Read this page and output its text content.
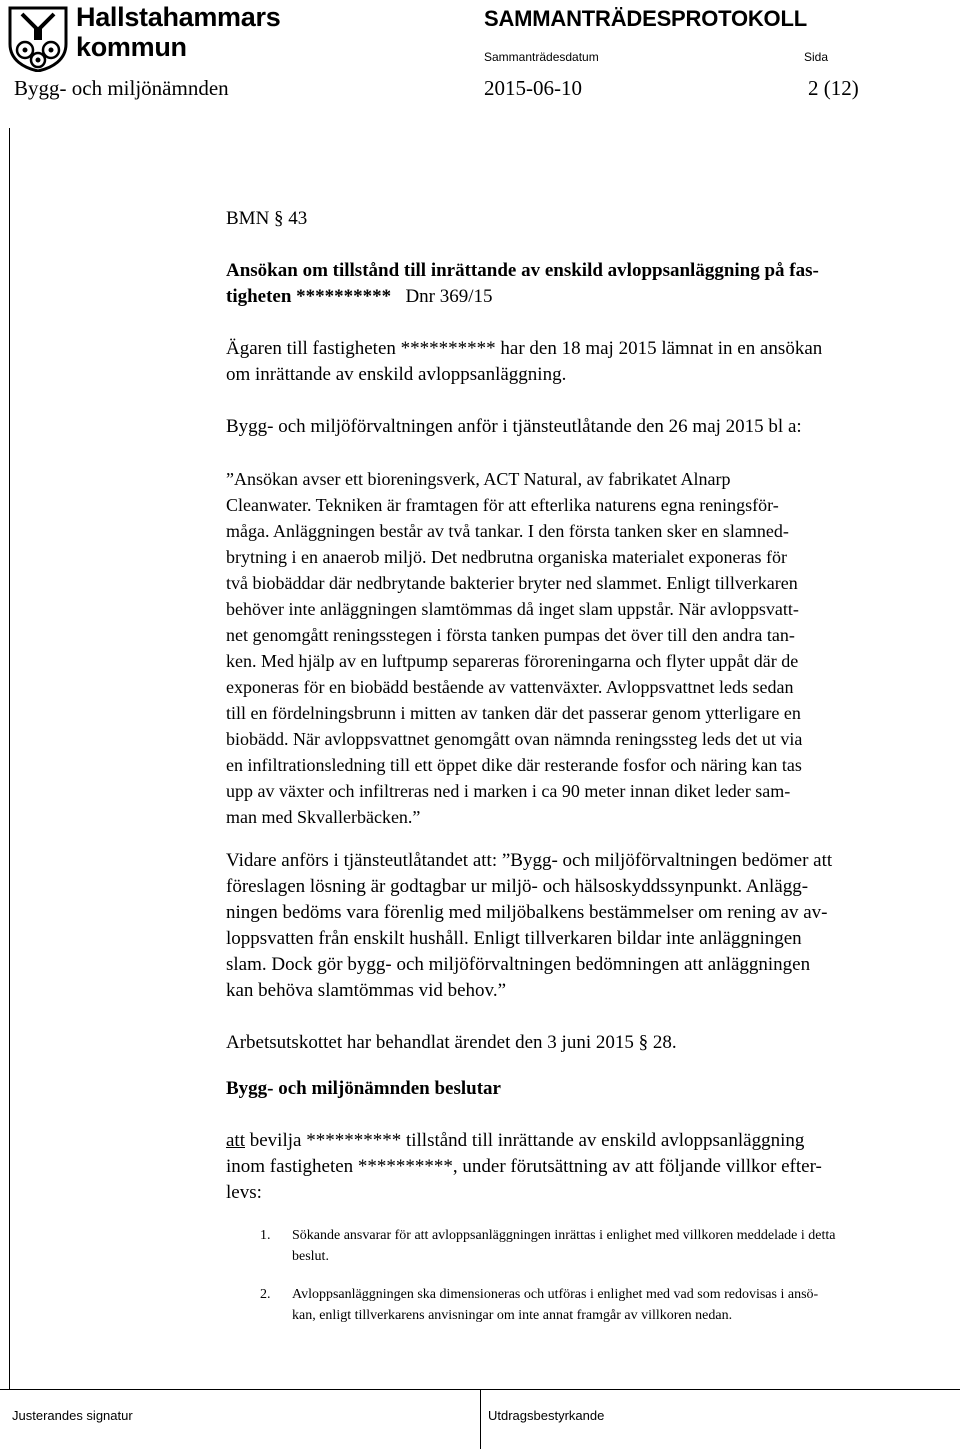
Hallstahammars
kommun
SAMMANTRÄDESPROTOKOLL
Sammanträdesdatum	Sida
Bygg- och miljönämnden	2015-06-10	2 (12)
BMN § 43
Ansökan om tillstånd till inrättande av enskild avloppsanläggning på fas-
tigheten **********   Dnr 369/15
Ägaren till fastigheten ********** har den 18 maj 2015 lämnat in en ansökan
om inrättande av enskild avloppsanläggning.
Bygg- och miljöförvaltningen anför i tjänsteutlåtande den 26 maj 2015 bl a:
”Ansökan avser ett bioreningsverk, ACT Natural, av fabrikatet Alnarp
Cleanwater. Tekniken är framtagen för att efterlika naturens egna reningsför-
måga. Anläggningen består av två tankar. I den första tanken sker en slamned-
brytning i en anaerob miljö. Det nedbrutna organiska materialet exponeras för
två biobäddar där nedbrytande bakterier bryter ned slammet. Enligt tillverkaren
behöver inte anläggningen slamtömmas då inget slam uppstår. När avloppsvatt-
net genomgått reningsstegen i första tanken pumpas det över till den andra tan-
ken. Med hjälp av en luftpump separeras föroreningarna och flyter uppåt där de
exponeras för en biobädd bestående av vattenväxter. Avloppsvattnet leds sedan
till en fördelningsbrunn i mitten av tanken där det passerar genom ytterligare en
biobädd. När avloppsvattnet genomgått ovan nämnda reningssteg leds det ut via
en infiltrationsledning till ett öppet dike där resterande fosfor och näring kan tas
upp av växter och infiltreras ned i marken i ca 90 meter innan diket leder sam-
man med Skvallerbäcken.”
Vidare anförs i tjänsteutlåtandet att: ”Bygg- och miljöförvaltningen bedömer att
föreslagen lösning är godtagbar ur miljö- och hälsoskyddssynpunkt. Anlägg-
ningen bedöms vara förenlig med miljöbalkens bestämmelser om rening av av-
loppsvatten från enskilt hushåll. Enligt tillverkaren bildar inte anläggningen
slam. Dock gör bygg- och miljöförvaltningen bedömningen att anläggningen
kan behöva slamtömmas vid behov.”
Arbetsutskottet har behandlat ärendet den 3 juni 2015 § 28.
Bygg- och miljönämnden beslutar
att bevilja ********** tillstånd till inrättande av enskild avloppsanläggning
inom fastigheten **********, under förutsättning av att följande villkor efter-
levs:
1. Sökande ansvarar för att avloppsanläggningen inrättas i enlighet med villkoren meddelade i detta
beslut.
2. Avloppsanläggningen ska dimensioneras och utföras i enlighet med vad som redovisas i ansö-
kan, enligt tillverkarens anvisningar om inte annat framgår av villkoren nedan.
Justerandes signatur	Utdragsbestyrkande
